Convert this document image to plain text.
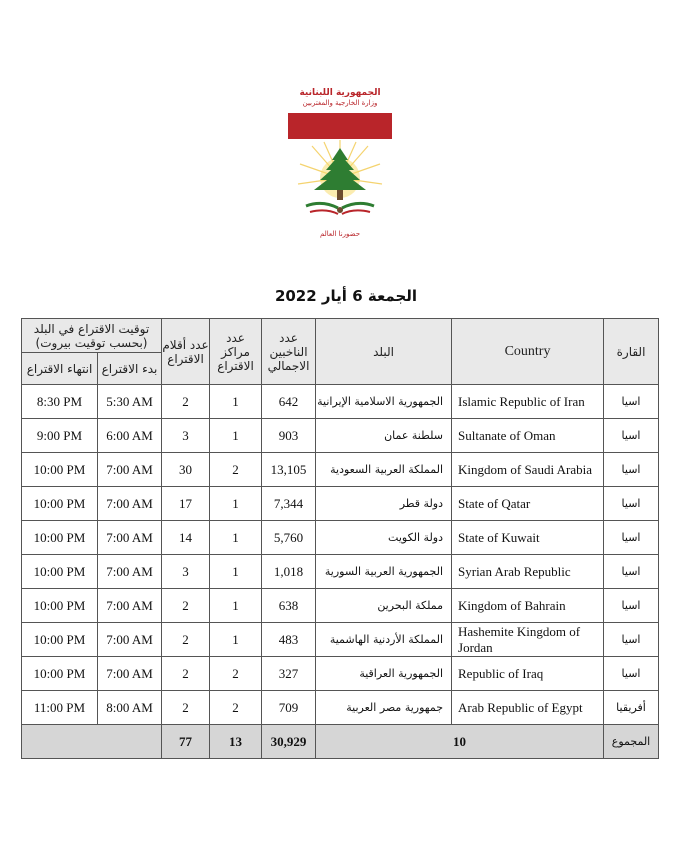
الجمهورية اللبنانية
وزارة الخارجية والمغتربين
حضورنا العالم
الجمعة 6 أيار 2022
توقيت الاقتراع في البلد (بحسب توقيت بيروت)		عدد أقلام الاقتراع	عدد مراكز الاقتراع	عدد الناخبين الاجمالي	البلد	Country	القارة
انتهاء الاقتراع	بدء الاقتراع						
8:30 PM	5:30 AM	2	1	642	الجمهورية الاسلامية الإيرانية	Islamic Republic of Iran	اسيا
9:00 PM	6:00 AM	3	1	903	سلطنة عمان	Sultanate of Oman	اسيا
10:00 PM	7:00 AM	30	2	13,105	المملكة العربية السعودية	Kingdom of Saudi Arabia	اسيا
10:00 PM	7:00 AM	17	1	7,344	دولة قطر	State of Qatar	اسيا
10:00 PM	7:00 AM	14	1	5,760	دولة الكويت	State of Kuwait	اسيا
10:00 PM	7:00 AM	3	1	1,018	الجمهورية العربية السورية	Syrian Arab Republic	اسيا
10:00 PM	7:00 AM	2	1	638	مملكة البحرين	Kingdom of Bahrain	اسيا
10:00 PM	7:00 AM	2	1	483	المملكة الأردنية الهاشمية	Hashemite Kingdom of Jordan	اسيا
10:00 PM	7:00 AM	2	2	327	الجمهورية العراقية	Republic of Iraq	اسيا
11:00 PM	8:00 AM	2	2	709	جمهورية مصر العربية	Arab Republic of Egypt	أفريقيا
		77	13	30,929	10		المجموع
